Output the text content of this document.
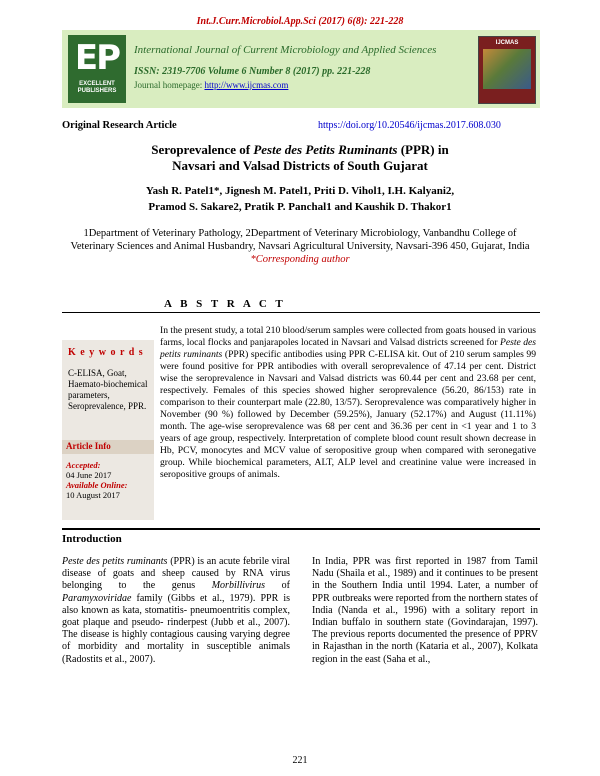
Int.J.Curr.Microbiol.App.Sci (2017) 6(8): 221-228
EP
EXCELLENT PUBLISHERS
International Journal of Current Microbiology and Applied Sciences
ISSN: 2319-7706 Volume 6 Number 8 (2017) pp. 221-228
Journal homepage: http://www.ijcmas.com
IJCMAS
Original Research Article	https://doi.org/10.20546/ijcmas.2017.608.030
Seroprevalence of Peste des Petits Ruminants (PPR) in
Navsari and Valsad Districts of South Gujarat
Yash R. Patel1*, Jignesh M. Patel1, Priti D. Vihol1, I.H. Kalyani2,
Pramod S. Sakare2, Pratik P. Panchal1 and Kaushik D. Thakor1
1Department of Veterinary Pathology, 2Department of Veterinary Microbiology, Vanbandhu College of Veterinary Sciences and Animal Husbandry, Navsari Agricultural University, Navsari-396 450, Gujarat, India
*Corresponding author
A B S T R A C T
K e y w o r d s
C-ELISA, Goat, Haemato-biochemical parameters, Seroprevalence, PPR.
Article Info
Accepted:
04 June 2017
Available Online:
10 August 2017
In the present study, a total 210 blood/serum samples were collected from goats housed in various farms, local flocks and panjarapoles located in Navsari and Valsad districts screened for Peste des petits ruminants (PPR) specific antibodies using PPR C-ELISA kit. Out of 210 serum samples 99 were found positive for PPR antibodies with overall seroprevalence of 47.14 per cent. District wise the seroprevalence in Navsari and Valsad districts was 60.44 per cent and 23.68 per cent, respectively. Females of this species showed higher seroprevalence (56.20, 86/153) rate in comparison to their counterpart male (22.80, 13/57). Seroprevalence was comparatively higher in November (90 %) followed by December (59.25%), January (52.17%) and August (11.11%) month. The age-wise seroprevalence was 68 per cent and 36.36 per cent in <1 year and 1 to 3 years of age group, respectively. Interpretation of complete blood count result shown decrease in Hb, PCV, monocytes and MCV value of seropositive group when compared with seronegative group. While biochemical parameters, ALT, ALP level and creatinine value were increased in seropositive groups of animals.
Introduction
Peste des petits ruminants (PPR) is an acute febrile viral disease of goats and sheep caused by RNA virus belonging to the genus Morbillivirus of Paramyxoviridae family (Gibbs et al., 1979). PPR is also known as kata, stomatitis- pneumoentritis complex, goat plaque and pseudo- rinderpest (Jubb et al., 2007). The disease is highly contagious causing varying degree of morbidity and mortality in susceptible animals (Radostits et al., 2007).
In India, PPR was first reported in 1987 from Tamil Nadu (Shaila et al., 1989) and it continues to be present in the Southern India until 1994. Later, a number of PPR outbreaks were reported from the northern states of India (Nanda et al., 1996) with a solitary report in Indian buffalo in southern state (Govindarajan, 1997). The previous reports documented the presence of PPRV in Rajasthan in the north (Kataria et al., 2007), Kolkata region in the east (Saha et al.,
221
